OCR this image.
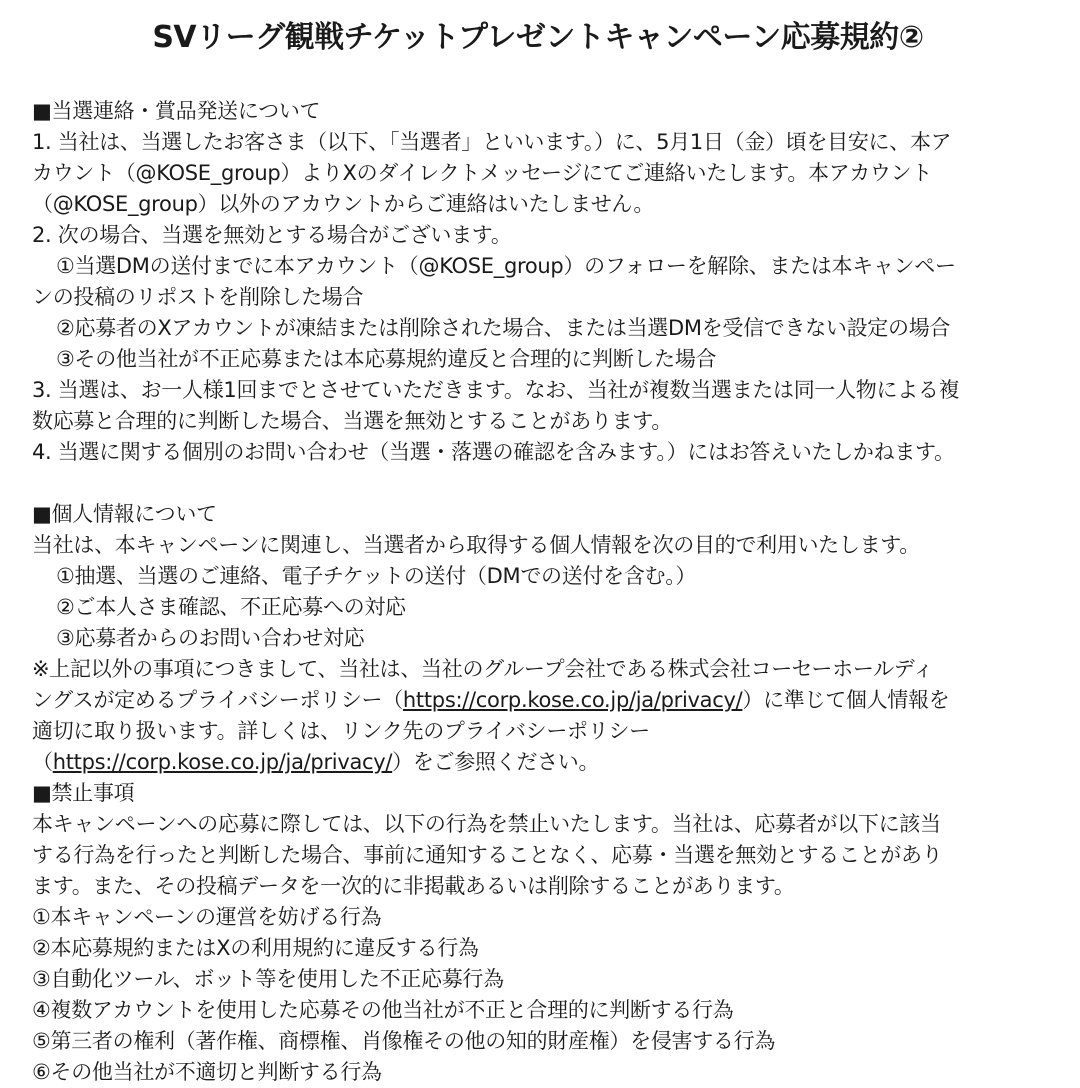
SVリーグ観戦チケットプレゼントキャンペーン応募規約②
■当選連絡・賞品発送について
1. 当社は、当選したお客さま（以下、「当選者」といいます。）に、5月1日（金）頃を目安に、本ア
カウント（@KOSE_group）よりXのダイレクトメッセージにてご連絡いたします。本アカウント
（@KOSE_group）以外のアカウントからご連絡はいたしません。
2. 次の場合、当選を無効とする場合がございます。
①当選DMの送付までに本アカウント（@KOSE_group）のフォローを解除、または本キャンペー
ンの投稿のリポストを削除した場合
②応募者のXアカウントが凍結または削除された場合、または当選DMを受信できない設定の場合
③その他当社が不正応募または本応募規約違反と合理的に判断した場合
3. 当選は、お一人様1回までとさせていただきます。なお、当社が複数当選または同一人物による複
数応募と合理的に判断した場合、当選を無効とすることがあります。
4. 当選に関する個別のお問い合わせ（当選・落選の確認を含みます。）にはお答えいたしかねます。
■個人情報について
当社は、本キャンペーンに関連し、当選者から取得する個人情報を次の目的で利用いたします。
①抽選、当選のご連絡、電子チケットの送付（DMでの送付を含む。）
②ご本人さま確認、不正応募への対応
③応募者からのお問い合わせ対応
※上記以外の事項につきまして、当社は、当社のグループ会社である株式会社コーセーホールディ
ングスが定めるプライバシーポリシー（https://corp.kose.co.jp/ja/privacy/）に準じて個人情報を
適切に取り扱います。詳しくは、リンク先のプライバシーポリシー
（https://corp.kose.co.jp/ja/privacy/）をご参照ください。
■禁止事項
本キャンペーンへの応募に際しては、以下の行為を禁止いたします。当社は、応募者が以下に該当
する行為を行ったと判断した場合、事前に通知することなく、応募・当選を無効とすることがあり
ます。また、その投稿データを一次的に非掲載あるいは削除することがあります。
①本キャンペーンの運営を妨げる行為
②本応募規約またはXの利用規約に違反する行為
③自動化ツール、ボット等を使用した不正応募行為
④複数アカウントを使用した応募その他当社が不正と合理的に判断する行為
⑤第三者の権利（著作権、商標権、肖像権その他の知的財産権）を侵害する行為
⑥その他当社が不適切と判断する行為
